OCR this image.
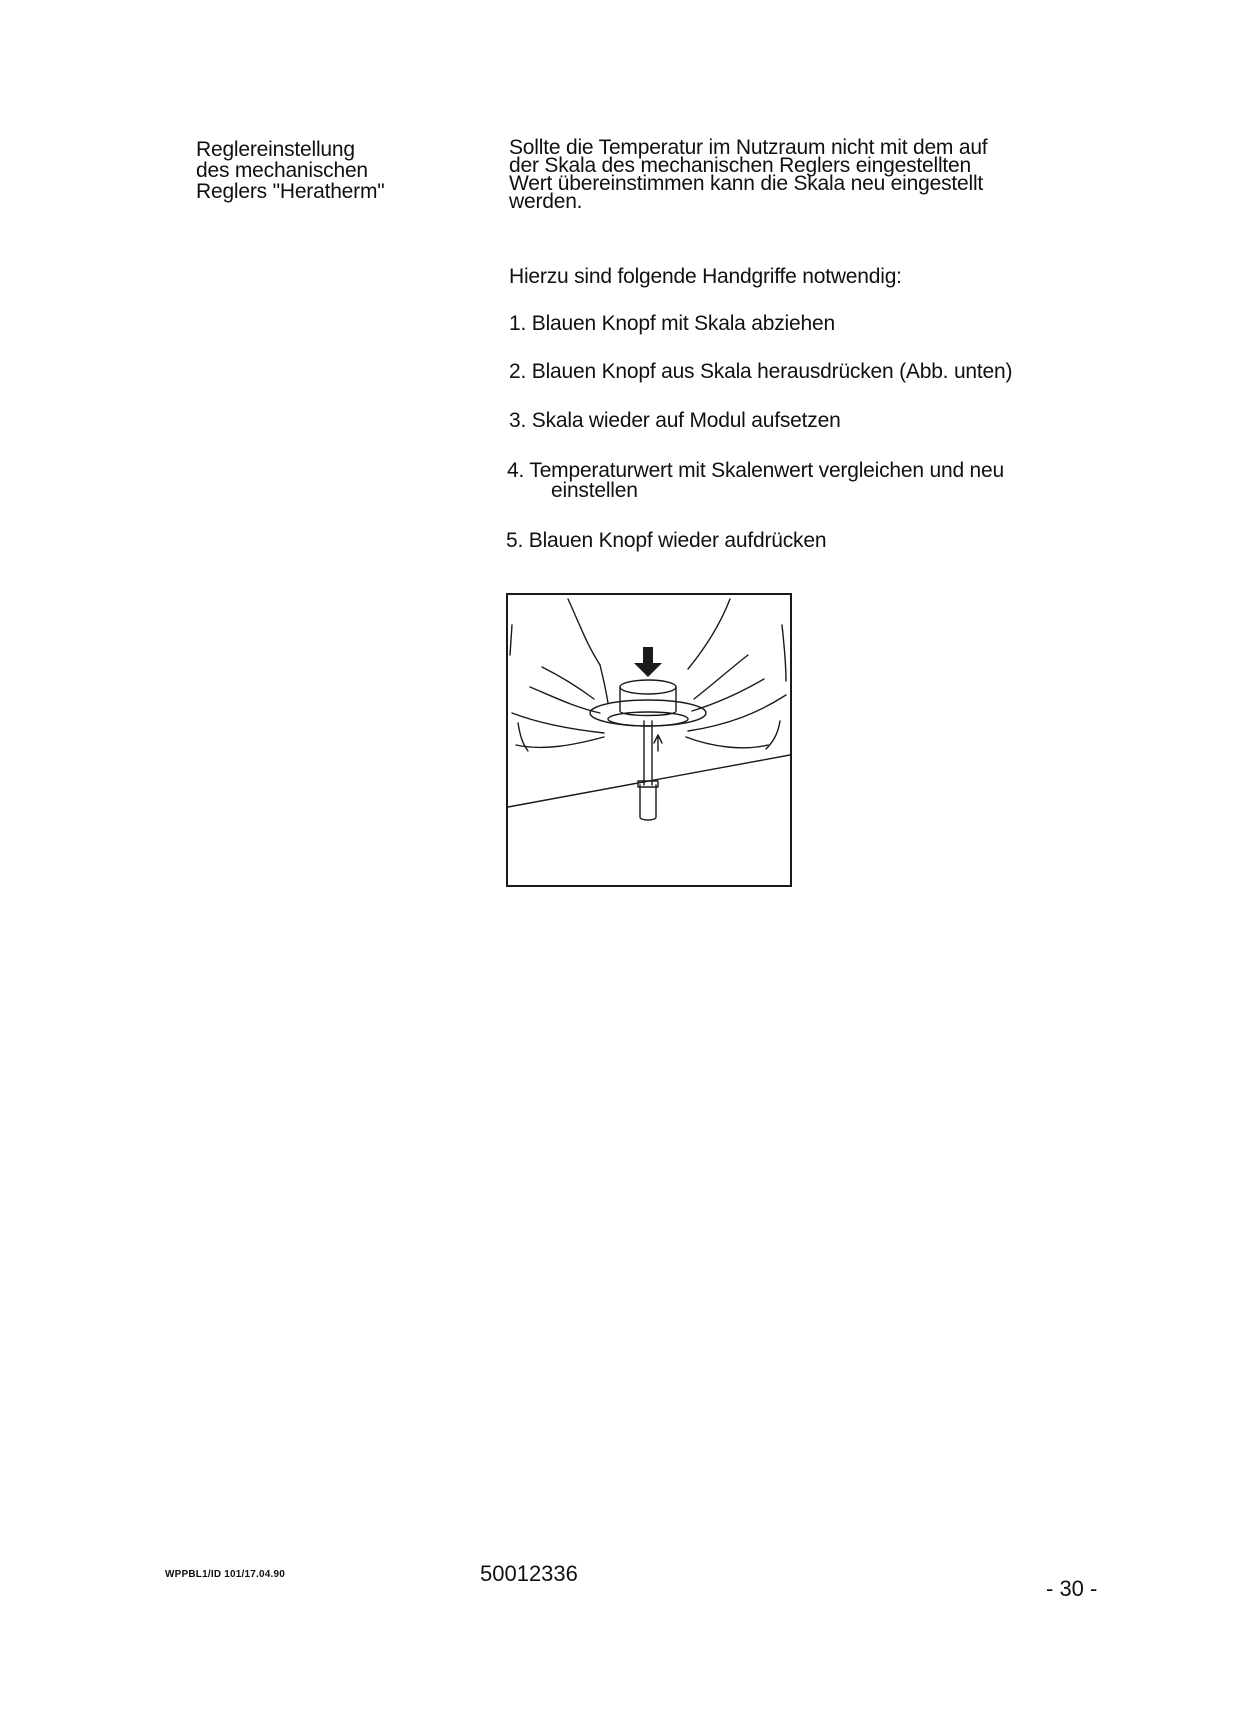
Reglereinstellung
des mechanischen
Reglers "Heratherm"
Sollte die Temperatur im Nutzraum nicht mit dem auf
der Skala des mechanischen Reglers eingestellten
Wert übereinstimmen kann die Skala neu eingestellt
werden.
Hierzu sind folgende Handgriffe notwendig:
1. Blauen Knopf mit Skala abziehen
2. Blauen Knopf aus Skala herausdrücken (Abb. unten)
3. Skala wieder auf Modul aufsetzen
4. Temperaturwert mit Skalenwert vergleichen und neu
einstellen
5. Blauen Knopf wieder aufdrücken
WPPBL1/ID 101/17.04.90	50012336
- 30 -
